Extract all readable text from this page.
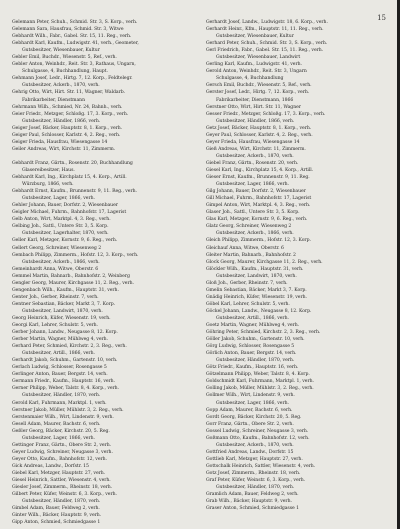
15
Gelemann Peter, Schuh., Schmid. Str. 3, S. Korp., verh.
Gelemann Sara, Hausfrau, Schmid. Str. 3, Witwe
Gebhardt Wilh., Fabr., Gabel. Str. 15, 11. Reg., verh.
Gebhardt Karl, Kaufm., Ludwigstr. 41, verh., Geometer,
Gutsbesitzer, Wiesenbauer, Kultur
Gebler Emil, Buchdr., Wiesenstr. 5, Ref., verh.
Gebler Anton, Weinhdr., Reit. Str. 3, Rathaus, Ungarn,
Schulgasse, 4, Buchhandlung, Haupt.
Gehmann Josef, Ledr., Hirtg. 7, 12. Korp., Feldtelegr.
Gutsbesitzer, Ackerb., 1870, verh.
Gehrig Otto, Wirt, Hirt. Str. 11, Wagner, Waldarb.
Fabrikarbeiter, Dienstmann
Gehrmann Wilh., Schmied, Nr. 24, Bahnh., verh.
Geier Friedr., Metzger, Schloßg. 17, 3. Korp., verh.
Gutsbesitzer, Händler, 1866, verh.
Geiger Josef, Bäcker, Hauptstr. 8, 1. Korp., verh.
Geiger Paul, Schlosser, Karlstr. 4, 2. Reg., verh.
Geiger Frieda, Hausfrau, Wiesengasse 14
Geiler Andreas, Wirt, Kirchstr. 11, Zimmerm.
Gebhardt Franz, Gärtn., Rosenstr. 20, Buchhandlung
Glasereibesitzer, Haus.
Gebhardt Karl, Ing., Kirchplatz 15, 4. Korp., Artill.
Würzburg, 1866, verh.
Gebhardt Ernst, Kaufm., Brunnenstr. 9, 11. Reg., verh.
Gutsbesitzer, Lager, 1866, verh.
Gehler Johann, Bauer, Dorfstr. 2, Wiesenbauer
Geigler Michael, Fuhrm., Bahnhofstr. 17, Lagerist
Gelb Anton, Wirt, Marktpl. 4, 3. Reg., verh.
Gelbing Joh., Sattl., Untere Str. 3, 5. Korp.
Gutsbesitzer, Lagerhalter, 1870, verh.
Geller Karl, Metzger, Kornstr. 9, 6. Reg., verh.
Gellert Georg, Schreiner, Wiesenweg 2
Gembach Philipp, Zimmerm., Hofstr. 12, 3. Korp., verh.
Gutsbesitzer, Ackerb., 1866, verh.
Gemeinhardt Anna, Witwe, Oberstr. 6
Gemmel Martin, Bahnarb., Bahnhofstr. 2, Weinberg
Gengler Georg, Maurer, Kirchgasse 11, 2. Reg., verh.
Gengenbach Wilh., Kaufm., Hauptstr. 31, verh.
Genter Joh., Gerber, Rheinstr. 7, verh.
Gentner Sebastian, Bäcker, Markt 3, 7. Korp.
Gutsbesitzer, Landwirt, 1870, verh.
Georg Heinrich, Küfer, Wiesenstr. 19, verh.
Georgi Karl, Lehrer, Schulstr. 5, verh.
Gerber Johann, Landw., Neugasse 8, 12. Korp.
Gerber Martin, Wagner, Mühlweg 4, verh.
Gerhard Peter, Schmied, Kirchstr. 2, 3. Reg., verh.
Gutsbesitzer, Artill., 1866, verh.
Gerhardt Jakob, Schuhm., Gartenstr. 10, verh.
Gerlach Ludwig, Schlosser, Rosengasse 5
Gerlinger Anton, Bauer, Bergstr. 14, verh.
Germann Friedr., Kaufm., Hauptstr. 16, verh.
Gerner Philipp, Weber, Talstr. 8, 4. Korp., verh.
Gutsbesitzer, Händler, 1870, verh.
Gerold Karl, Fuhrmann, Marktpl. 1, verh.
Gerstner Jakob, Müller, Mühlstr. 3, 2. Reg., verh.
Gerstenmaier Wilh., Wirt, Lindenstr. 9, verh.
Gesell Adam, Maurer, Bachstr. 6, verh.
Geßler Georg, Bäcker, Kirchstr. 20, 5. Reg.
Gutsbesitzer, Lager, 1866, verh.
Gettinger Franz, Gärtn., Obere Str. 2, verh.
Geyer Ludwig, Schreiner, Neugasse 3, verh.
Geyer Otto, Kaufm., Bahnhofstr. 12, verh.
Gick Andreas, Landw., Dorfstr. 15
Giebel Karl, Metzger, Hauptstr. 27, verh.
Giesel Heinrich, Sattler, Wiesenstr. 4, verh.
Giesler Josef, Zimmerm., Rheinstr. 18, verh.
Gilbert Peter, Küfer, Weinstr. 6, 3. Korp., verh.
Gutsbesitzer, Händler, 1870, verh.
Gimbel Adam, Bauer, Feldweg 2, verh.
Ginter Wilh., Bäcker, Hauptstr. 9, verh.
Gipp Anton, Schmied, Schmiedgasse 1
Gerhardt Josef, Landw., Ludwigstr. 18, 6. Korp., verh.
Gerhardt Heinr., Kfm., Hauptstr. 11, 11. Reg., verh.
Gutsbesitzer, Wiesenbauer, Kultur
Gerhard Peter, Schuh., Schmid. Str. 3, S. Korp., verh.
Gerl Friedrich, Fabr., Gabel. Str. 15, 11. Reg., verh.
Gutsbesitzer, Wiesenbauer, Landwirt
Gerling Karl, Kaufm., Ludwigstr. 41, verh.
Gerold Anton, Weinhdr., Reit. Str. 3, Ungarn
Schulgasse, 4, Buchhandlung
Gersch Emil, Buchdr., Wiesenstr. 5, Ref., verh.
Gerster Josef, Ledr., Hirtg. 7, 12. Korp., verh.
Fabrikarbeiter, Dienstmann, 1866
Gerstner Otto, Wirt, Hirt. Str. 11, Wagner
Gesser Friedr., Metzger, Schloßg. 17, 3. Korp., verh.
Gutsbesitzer, Händler, 1866, verh.
Getz Josef, Bäcker, Hauptstr. 8, 1. Korp., verh.
Geyer Paul, Schlosser, Karlstr. 4, 2. Reg., verh.
Geyer Frieda, Hausfrau, Wiesengasse 14
Gieß Andreas, Wirt, Kirchstr. 11, Zimmerm.
Gutsbesitzer, Ackerb., 1870, verh.
Giebel Franz, Gärtn., Rosenstr. 20, verh.
Giesel Karl, Ing., Kirchplatz 15, 4. Korp., Artill.
Gieser Ernst, Kaufm., Brunnenstr. 9, 11. Reg.
Gutsbesitzer, Lager, 1866, verh.
Gilg Johann, Bauer, Dorfstr. 2, Wiesenbauer
Gill Michael, Fuhrm., Bahnhofstr. 17, Lagerist
Gimpel Anton, Wirt, Marktpl. 4, 3. Reg., verh.
Glaser Joh., Sattl., Untere Str. 3, 5. Korp.
Glas Karl, Metzger, Kornstr. 9, 6. Reg., verh.
Glatz Georg, Schreiner, Wiesenweg 2
Gutsbesitzer, Ackerb., 1866, verh.
Gleich Philipp, Zimmerm., Hofstr. 12, 3. Korp.
Gleichauf Anna, Witwe, Oberstr. 6
Gleiter Martin, Bahnarb., Bahnhofstr. 2
Glock Georg, Maurer, Kirchgasse 11, 2. Reg., verh.
Glöckler Wilh., Kaufm., Hauptstr. 31, verh.
Gutsbesitzer, Landwirt, 1870, verh.
Gloß Joh., Gerber, Rheinstr. 7, verh.
Gmelin Sebastian, Bäcker, Markt 3, 7. Korp.
Gnädig Heinrich, Küfer, Wiesenstr. 19, verh.
Göbel Karl, Lehrer, Schulstr. 5, verh.
Göckel Johann, Landw., Neugasse 8, 12. Korp.
Gutsbesitzer, Artill., 1866, verh.
Goetz Martin, Wagner, Mühlweg 4, verh.
Göhring Peter, Schmied, Kirchstr. 2, 3. Reg., verh.
Göller Jakob, Schuhm., Gartenstr. 10, verh.
Görg Ludwig, Schlosser, Rosengasse 5
Görlich Anton, Bauer, Bergstr. 14, verh.
Gutsbesitzer, Händler, 1870, verh.
Götz Friedr., Kaufm., Hauptstr. 16, verh.
Götzelmann Philipp, Weber, Talstr. 8, 4. Korp.
Goldschmidt Karl, Fuhrmann, Marktpl. 1, verh.
Golling Jakob, Müller, Mühlstr. 3, 2. Reg., verh.
Gollmer Wilh., Wirt, Lindenstr. 9, verh.
Gutsbesitzer, Lager, 1866, verh.
Gopp Adam, Maurer, Bachstr. 6, verh.
Gordt Georg, Bäcker, Kirchstr. 20, 5. Reg.
Gorr Franz, Gärtn., Obere Str. 2, verh.
Gossel Ludwig, Schreiner, Neugasse 3, verh.
Goßmann Otto, Kaufm., Bahnhofstr. 12, verh.
Gutsbesitzer, Ackerb., 1870, verh.
Gottfried Andreas, Landw., Dorfstr. 15
Gottlieb Karl, Metzger, Hauptstr. 27, verh.
Gottschalk Heinrich, Sattler, Wiesenstr. 4, verh.
Gotz Josef, Zimmerm., Rheinstr. 18, verh.
Graf Peter, Küfer, Weinstr. 6, 3. Korp., verh.
Gutsbesitzer, Händler, 1870, verh.
Gramlich Adam, Bauer, Feldweg 2, verh.
Grab Wilh., Bäcker, Hauptstr. 9, verh.
Graser Anton, Schmied, Schmiedgasse 1
